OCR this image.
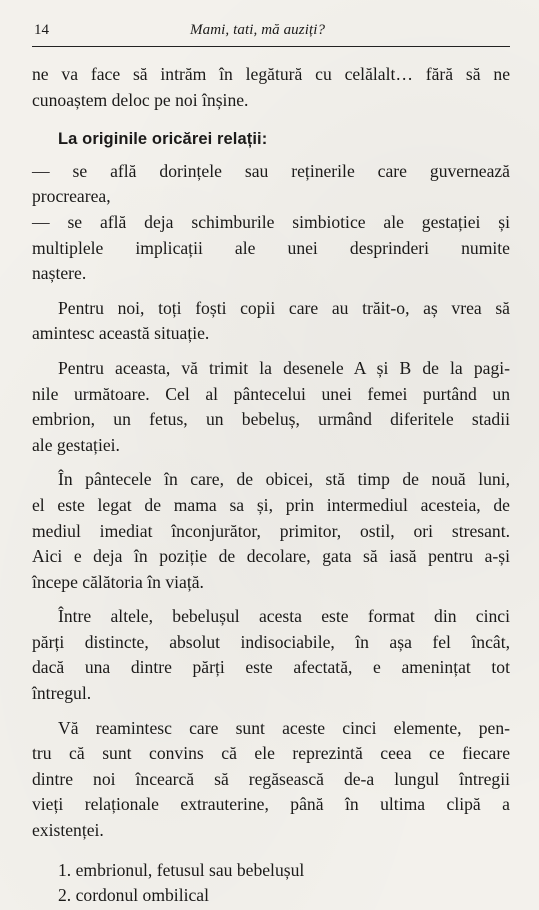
14	Mami, tati, mă auziți?

ne va face să intrăm în legătură cu celălalt… fără să ne

cunoaștem deloc pe noi înșine.

La originile oricărei relații:

— se află dorințele sau reținerile care guvernează

procrearea,

— se află deja schimburile simbiotice ale gestației și

multiplele implicații ale unei desprinderi numite

naștere.

Pentru noi, toți foști copii care au trăit-o, aș vrea să

amintesc această situație.

Pentru aceasta, vă trimit la desenele A și B de la pagi-

nile următoare. Cel al pântecelui unei femei purtând un

embrion, un fetus, un bebeluș, urmând diferitele stadii

ale gestației.

În pântecele în care, de obicei, stă timp de nouă luni,

el este legat de mama sa și, prin intermediul acesteia, de

mediul imediat înconjurător, primitor, ostil, ori stresant.

Aici e deja în poziție de decolare, gata să iasă pentru a-și

începe călătoria în viață.

Între altele, bebelușul acesta este format din cinci

părți distincte, absolut indisociabile, în așa fel încât,

dacă una dintre părți este afectată, e amenințat tot

întregul.

Vă reamintesc care sunt aceste cinci elemente, pen-

tru că sunt convins că ele reprezintă ceea ce fiecare

dintre noi încearcă să regăsească de-a lungul întregii

vieți relaționale extrauterine, până în ultima clipă a

existenței.

1. embrionul, fetusul sau bebelușul

2. cordonul ombilical
